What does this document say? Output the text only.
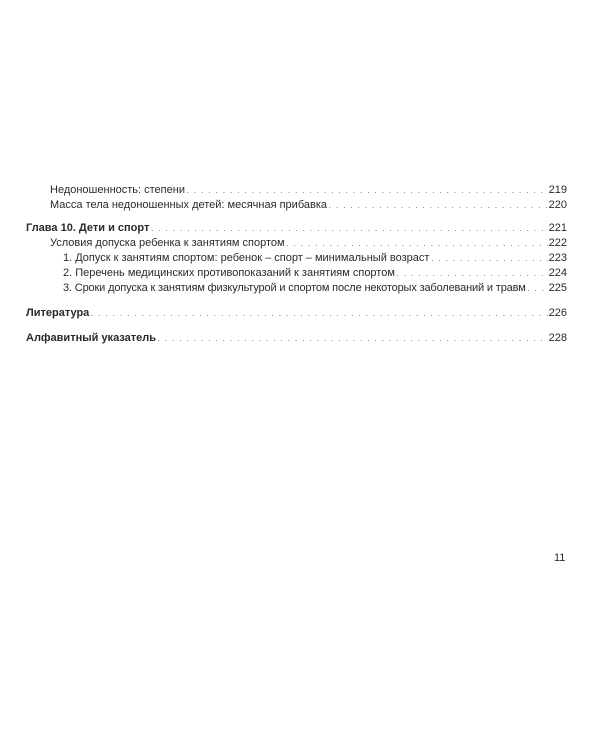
Недоношенность: степени . . .	219
Масса тела недоношенных детей: месячная прибавка . . .	220
Глава 10. Дети и спорт . . .	221
Условия допуска ребенка к занятиям спортом . . .	222
1. Допуск к занятиям спортом: ребенок – спорт – минимальный возраст . . .	223
2. Перечень медицинских противопоказаний к занятиям спортом . . .	224
3. Сроки допуска к занятиям физкультурой и спортом после некоторых заболеваний и травм . . . 225
Литература . . .	226
Алфавитный указатель . . .	228
11
